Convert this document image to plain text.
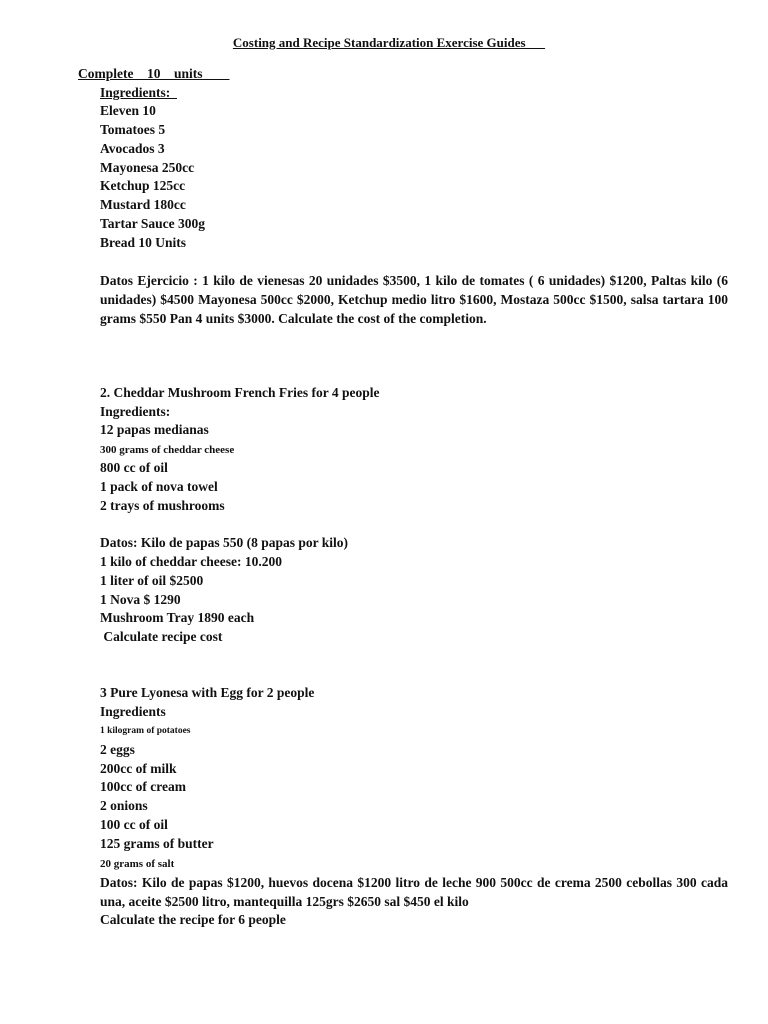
Costing and Recipe Standardization Exercise Guides
Complete    10    units
Ingredients:
Eleven 10
Tomatoes 5
Avocados 3
Mayonesa 250cc
Ketchup 125cc
Mustard 180cc
Tartar Sauce 300g
Bread 10 Units
Datos Ejercicio : 1 kilo de vienesas 20 unidades $3500, 1 kilo de tomates ( 6 unidades) $1200, Paltas kilo (6 unidades) $4500 Mayonesa 500cc $2000, Ketchup medio litro $1600, Mostaza 500cc $1500, salsa tartara 100 grams $550 Pan 4 units $3000. Calculate the cost of the completion.
2. Cheddar Mushroom French Fries for 4 people
Ingredients:
12 papas medianas
300 grams of cheddar cheese
800 cc of oil
1 pack of nova towel
2 trays of mushrooms
Datos: Kilo de papas 550 (8 papas por kilo)
1 kilo of cheddar cheese: 10.200
1 liter of oil $2500
1 Nova $ 1290
Mushroom Tray 1890 each
Calculate recipe cost
3 Pure Lyonesa with Egg for 2 people
Ingredients
1 kilogram of potatoes
2 eggs
200cc of milk
100cc of cream
2 onions
100 cc of oil
125 grams of butter
20 grams of salt
Datos: Kilo de papas $1200, huevos docena $1200 litro de leche 900 500cc de crema 2500 cebollas 300 cada una, aceite $2500 litro, mantequilla 125grs $2650 sal $450 el kilo
Calculate the recipe for 6 people
